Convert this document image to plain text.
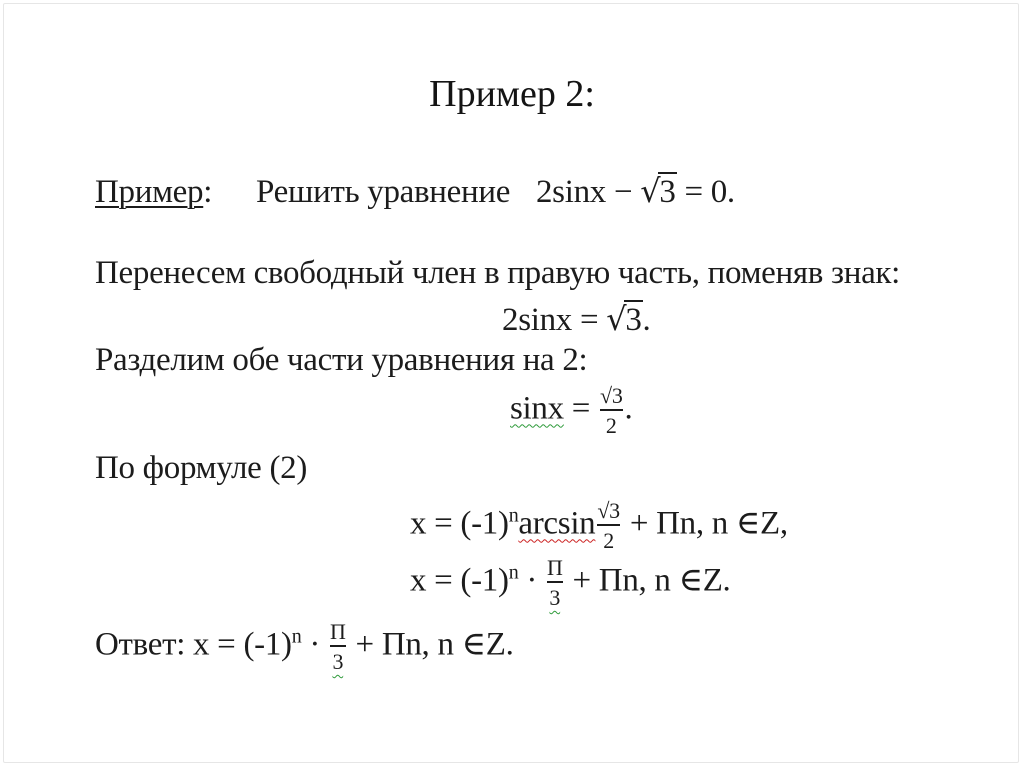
Пример 2:
Пример: Решить уравнение 2sinx − √3 = 0.
Перенесем свободный член в правую часть, поменяв знак:
2sinx = √3.
Разделим обе части уравнения на 2:
$\sin x = \frac{√3}{2}$ .
По формуле (2)
$x = (-1)^n\arcsin \frac{√3}{2}$ + Пn, n ∈Z,
$x = (-1)^n \cdot \frac{П}{3}$ + Пn, n ∈Z.
Ответ: $x = (-1)^n \cdot \frac{П}{3}$ + Пn, n ∈Z.
